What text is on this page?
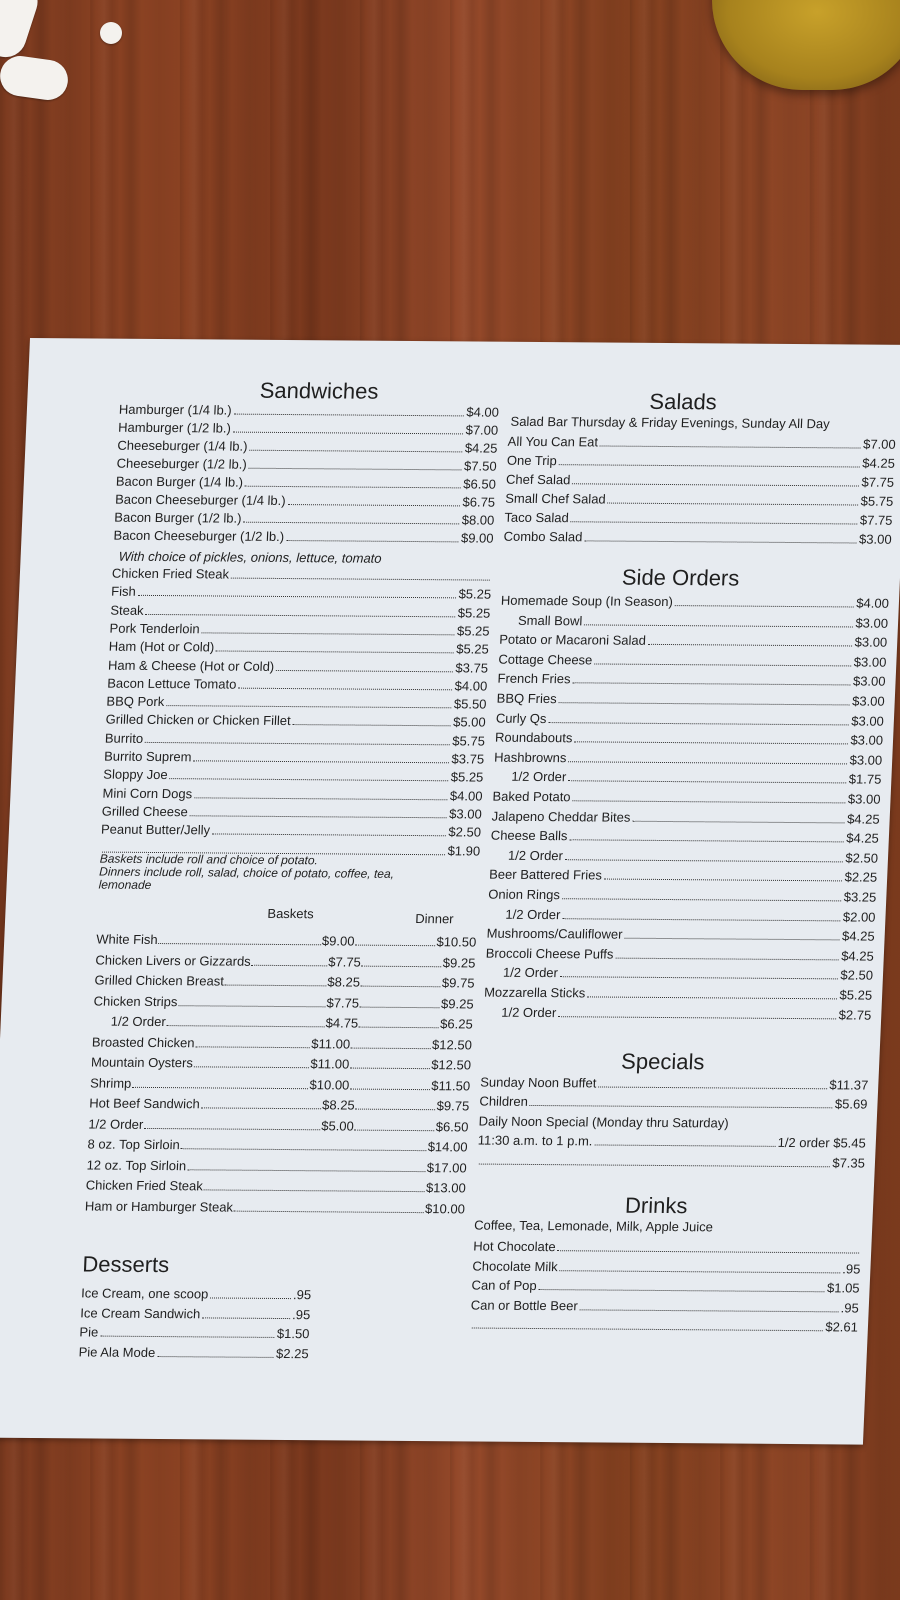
Sandwiches
Hamburger (1/4 lb.)	$4.00
Hamburger (1/2 lb.)	$7.00
Cheeseburger (1/4 lb.)	$4.25
Cheeseburger (1/2 lb.)	$7.50
Bacon Burger (1/4 lb.)	$6.50
Bacon Cheeseburger (1/4 lb.)	$6.75
Bacon Burger (1/2 lb.)	$8.00
Bacon Cheeseburger (1/2 lb.)	$9.00
With choice of pickles, onions, lettuce, tomato
Chicken Fried Steak
Fish	$5.25
Steak	$5.25
Pork Tenderloin	$5.25
Ham (Hot or Cold)	$5.25
Ham & Cheese (Hot or Cold)	$3.75
Bacon Lettuce Tomato	$4.00
BBQ Pork	$5.50
Grilled Chicken or Chicken Fillet	$5.00
Burrito	$5.75
Burrito Suprem	$3.75
Sloppy Joe	$5.25
Mini Corn Dogs	$4.00
Grilled Cheese	$3.00
Peanut Butter/Jelly	$2.50
$1.90
Baskets include roll and choice of potato.
Dinners include roll, salad, choice of potato, coffee, tea,
lemonade
Baskets	Dinner
White Fish	$9.00	$10.50
Chicken Livers or Gizzards	$7.75	$9.25
Grilled Chicken Breast	$8.25	$9.75
Chicken Strips	$7.75	$9.25
1/2 Order	$4.75	$6.25
Broasted Chicken	$11.00	$12.50
Mountain Oysters	$11.00	$12.50
Shrimp	$10.00	$11.50
Hot Beef Sandwich	$8.25	$9.75
1/2 Order	$5.00	$6.50
8 oz. Top Sirloin	$14.00
12 oz. Top Sirloin	$17.00
Chicken Fried Steak	$13.00
Ham or Hamburger Steak	$10.00
Desserts
Ice Cream, one scoop	.95
Ice Cream Sandwich	.95
Pie	$1.50
Pie Ala Mode	$2.25
Salads
Salad Bar Thursday & Friday Evenings, Sunday All Day
All You Can Eat	$7.00
One Trip	$4.25
Chef Salad	$7.75
Small Chef Salad	$5.75
Taco Salad	$7.75
Combo Salad	$3.00
Side Orders
Homemade Soup (In Season)	$4.00
Small Bowl	$3.00
Potato or Macaroni Salad	$3.00
Cottage Cheese	$3.00
French Fries	$3.00
BBQ Fries	$3.00
Curly Qs	$3.00
Roundabouts	$3.00
Hashbrowns	$3.00
1/2 Order	$1.75
Baked Potato	$3.00
Jalapeno Cheddar Bites	$4.25
Cheese Balls	$4.25
1/2 Order	$2.50
Beer Battered Fries	$2.25
Onion Rings	$3.25
1/2 Order	$2.00
Mushrooms/Cauliflower	$4.25
Broccoli Cheese Puffs	$4.25
1/2 Order	$2.50
Mozzarella Sticks	$5.25
1/2 Order	$2.75
Specials
Sunday Noon Buffet	$11.37
Children	$5.69
Daily Noon Special (Monday thru Saturday)
11:30 a.m. to 1 p.m.	1/2 order $5.45
$7.35
Drinks
Coffee, Tea, Lemonade, Milk, Apple Juice
Hot Chocolate
Chocolate Milk	.95
Can of Pop	$1.05
Can or Bottle Beer	.95
$2.61
